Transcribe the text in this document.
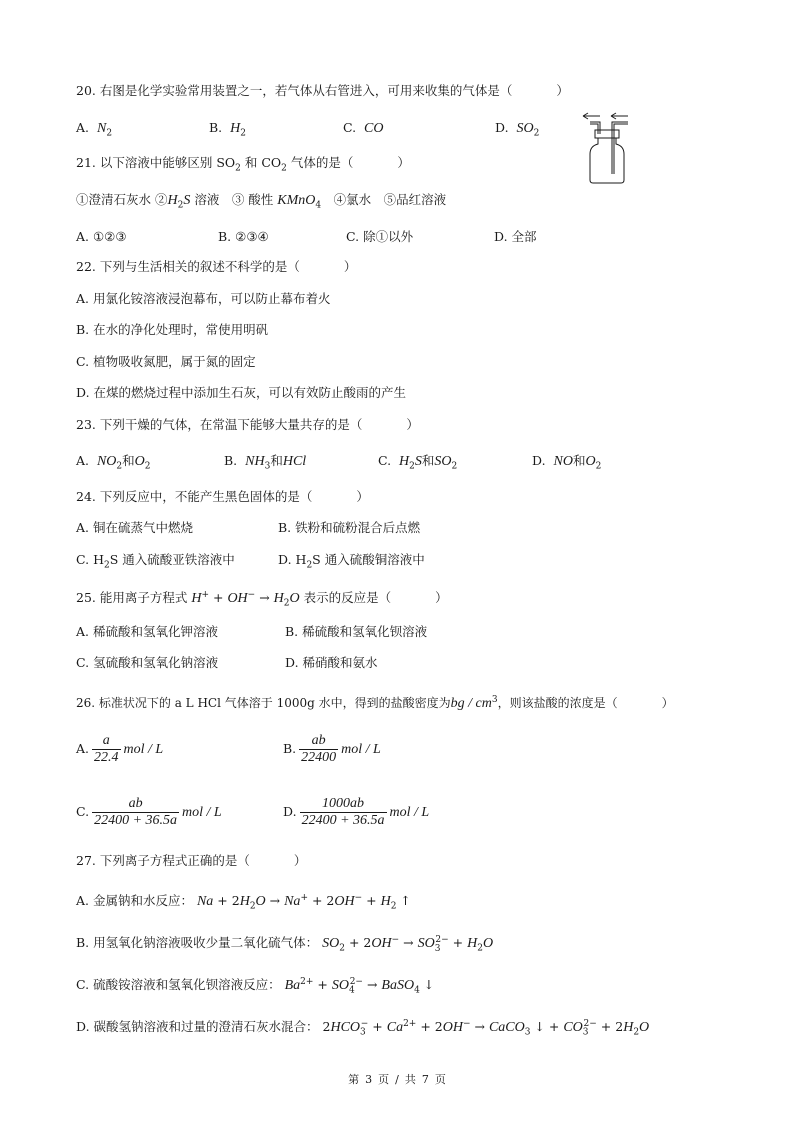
20. 右图是化学实验常用装置之一，若气体从右管进入，可用来收集的气体是（	）
A. $N_2$	B. $H_2$	C. CO	D. $SO_2$
21. 以下溶液中能够区别 $SO_2$ 和 $CO_2$ 气体的是（	）
①澄清石灰水 $②H_2S$ 溶液　③ 酸性 KMnO$_4$　④氯水　⑤品红溶液
A. ①②③	B. ②③④	C. 除①以外	D. 全部
22. 下列与生活相关的叙述不科学的是（	）
A. 用氯化铵溶液浸泡幕布，可以防止幕布着火
B. 在水的净化处理时，常使用明矾
C. 植物吸收氮肥，属于氮的固定
D. 在煤的燃烧过程中添加生石灰，可以有效防止酸雨的产生
23. 下列干燥的气体，在常温下能够大量共存的是（	）
A. $NO_2$和$O_2$	B. $NH_3$和HCl	C. $H_2S$和$SO_2$	D. NO和$O_2$
24. 下列反应中，不能产生黑色固体的是（	）
A. 铜在硫蒸气中燃烧	B. 铁粉和硫粉混合后点燃
C. $H_2S$ 通入硫酸亚铁溶液中	D. $H_2S$ 通入硫酸铜溶液中
25. 能用离子方程式 $H^+ + OH^- \to H_2O$ 表示的反应是（	）
A. 稀硫酸和氢氧化钾溶液	B. 稀硫酸和氢氧化钡溶液
C. 氢硫酸和氢氧化钠溶液	D. 稀硝酸和氨水
26. 标准状况下的 a L HCl 气体溶于 1000g 水中，得到的盐酸密度为bg / $cm^3$，则该盐酸的浓度是（	）
A. $\frac{a}{22.4}$ mol / L	B. $\frac{ab}{22400}$ mol / L
C. $\frac{ab}{22400 + 36.5a}$ mol / L	D. $\frac{1000ab}{22400 + 36.5a}$ mol / L
27. 下列离子方程式正确的是（	）
A. 金属钠和水反应： $Na + 2H_2O \to Na^+ + 2OH^- + H_2$ ↑
B. 用氢氧化钠溶液吸收少量二氧化硫气体： $SO_2 + 2OH^- \to SO_3^{2-} + H_2O$
C. 硫酸铵溶液和氢氧化钡溶液反应： $Ba^{2+} + SO_4^{2-}$ → BaSO$_4$ ↓
D. 碳酸氢钠溶液和过量的澄清石灰水混合： $2HCO_3^- + Ca^{2+} + 2OH^-$ → CaCO$_3$ ↓ + $CO_3^{2-} + 2H_2O$
第 3 页 / 共 7 页
